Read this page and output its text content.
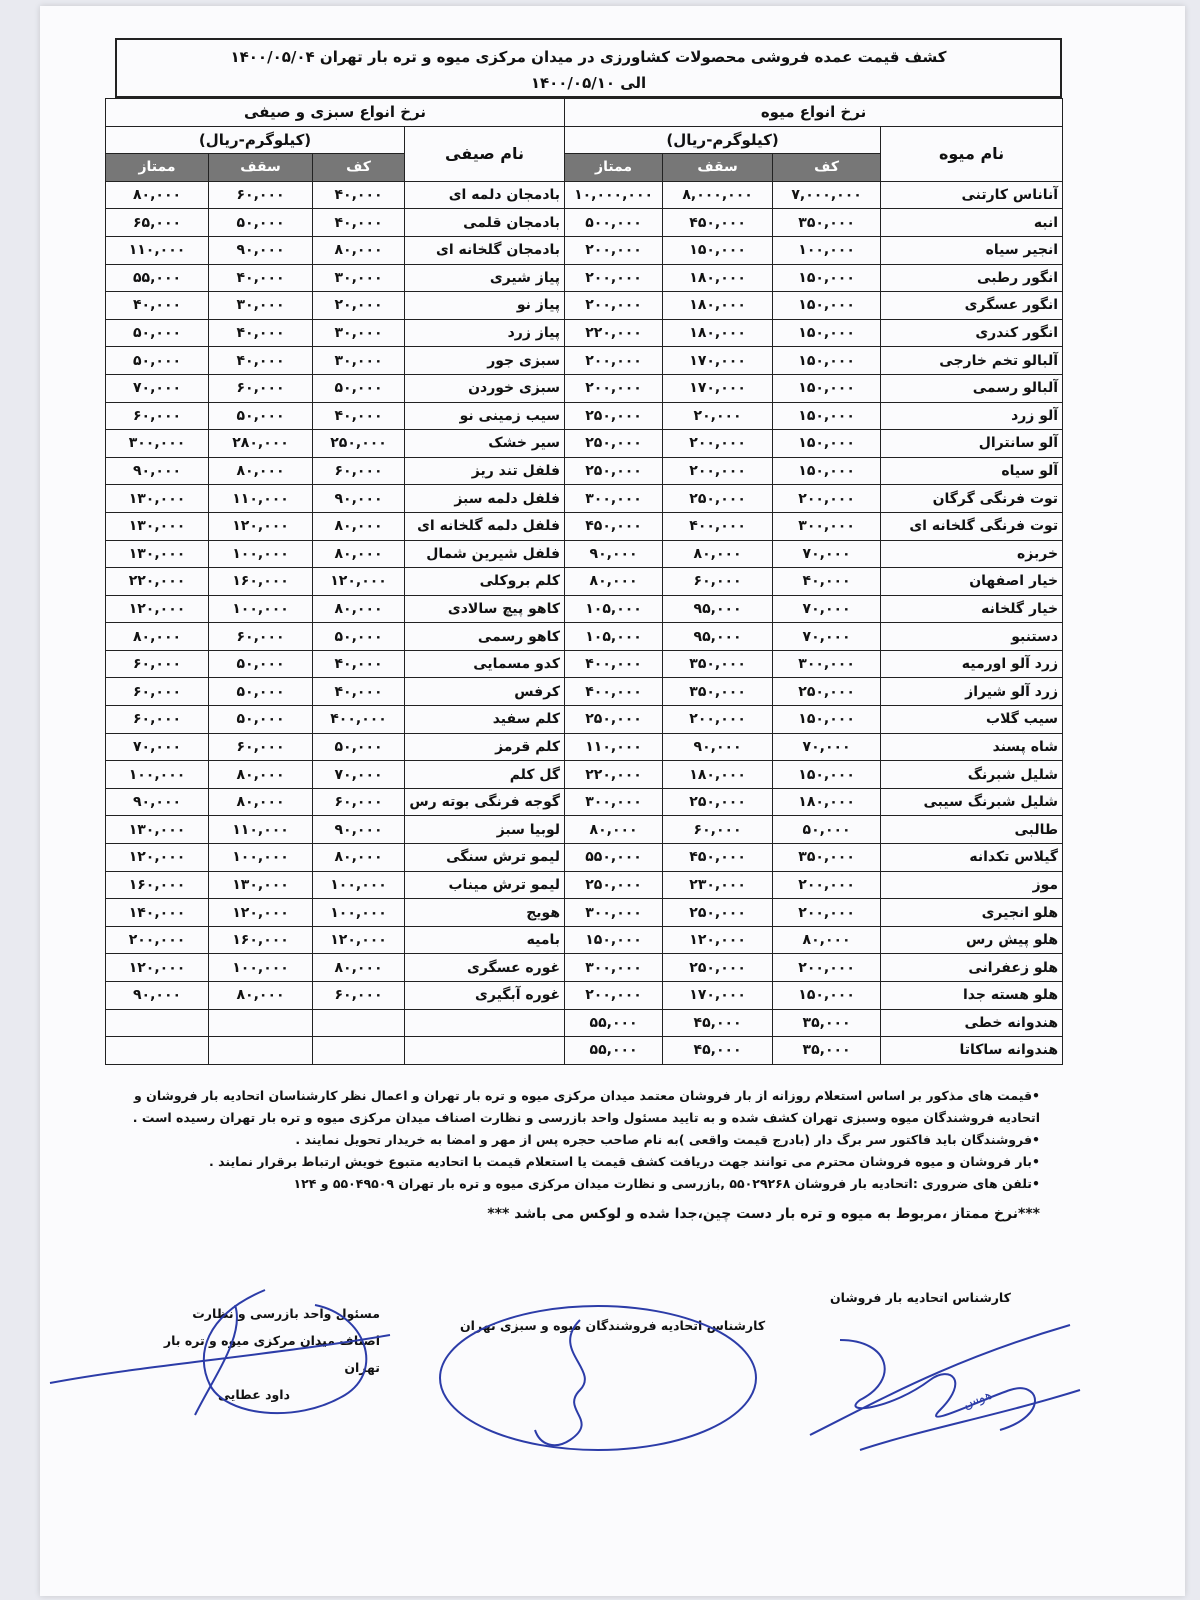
کشف قیمت عمده فروشی محصولات کشاورزی در میدان مرکزی میوه و تره بار تهران ۱۴۰۰/۰۵/۰۴
الی ۱۴۰۰/۰۵/۱۰
نرخ انواع میوه				نرخ انواع سبزی و صیفی			
نام میوه	(کیلوگرم-ریال)			نام صیفی	(کیلوگرم-ریال)		
	کف	سقف	ممتاز		کف	سقف	ممتاز
آناناس کارتنی	۷,۰۰۰,۰۰۰	۸,۰۰۰,۰۰۰	۱۰,۰۰۰,۰۰۰	بادمجان دلمه ای	۴۰,۰۰۰	۶۰,۰۰۰	۸۰,۰۰۰
انبه	۳۵۰,۰۰۰	۴۵۰,۰۰۰	۵۰۰,۰۰۰	بادمجان قلمی	۴۰,۰۰۰	۵۰,۰۰۰	۶۵,۰۰۰
انجیر سیاه	۱۰۰,۰۰۰	۱۵۰,۰۰۰	۲۰۰,۰۰۰	بادمجان گلخانه ای	۸۰,۰۰۰	۹۰,۰۰۰	۱۱۰,۰۰۰
انگور رطبی	۱۵۰,۰۰۰	۱۸۰,۰۰۰	۲۰۰,۰۰۰	پیاز شیری	۳۰,۰۰۰	۴۰,۰۰۰	۵۵,۰۰۰
انگور عسگری	۱۵۰,۰۰۰	۱۸۰,۰۰۰	۲۰۰,۰۰۰	پیاز نو	۲۰,۰۰۰	۳۰,۰۰۰	۴۰,۰۰۰
انگور کندری	۱۵۰,۰۰۰	۱۸۰,۰۰۰	۲۲۰,۰۰۰	پیاز زرد	۳۰,۰۰۰	۴۰,۰۰۰	۵۰,۰۰۰
آلبالو تخم خارجی	۱۵۰,۰۰۰	۱۷۰,۰۰۰	۲۰۰,۰۰۰	سبزی جور	۳۰,۰۰۰	۴۰,۰۰۰	۵۰,۰۰۰
آلبالو رسمی	۱۵۰,۰۰۰	۱۷۰,۰۰۰	۲۰۰,۰۰۰	سبزی خوردن	۵۰,۰۰۰	۶۰,۰۰۰	۷۰,۰۰۰
آلو زرد	۱۵۰,۰۰۰	۲۰,۰۰۰	۲۵۰,۰۰۰	سیب زمینی نو	۴۰,۰۰۰	۵۰,۰۰۰	۶۰,۰۰۰
آلو سانترال	۱۵۰,۰۰۰	۲۰۰,۰۰۰	۲۵۰,۰۰۰	سیر خشک	۲۵۰,۰۰۰	۲۸۰,۰۰۰	۳۰۰,۰۰۰
آلو سیاه	۱۵۰,۰۰۰	۲۰۰,۰۰۰	۲۵۰,۰۰۰	فلفل تند ریز	۶۰,۰۰۰	۸۰,۰۰۰	۹۰,۰۰۰
توت فرنگی گرگان	۲۰۰,۰۰۰	۲۵۰,۰۰۰	۳۰۰,۰۰۰	فلفل دلمه سبز	۹۰,۰۰۰	۱۱۰,۰۰۰	۱۳۰,۰۰۰
توت فرنگی گلخانه ای	۳۰۰,۰۰۰	۴۰۰,۰۰۰	۴۵۰,۰۰۰	فلفل دلمه گلخانه ای	۸۰,۰۰۰	۱۲۰,۰۰۰	۱۳۰,۰۰۰
خربزه	۷۰,۰۰۰	۸۰,۰۰۰	۹۰,۰۰۰	فلفل شیرین شمال	۸۰,۰۰۰	۱۰۰,۰۰۰	۱۳۰,۰۰۰
خیار اصفهان	۴۰,۰۰۰	۶۰,۰۰۰	۸۰,۰۰۰	کلم بروکلی	۱۲۰,۰۰۰	۱۶۰,۰۰۰	۲۲۰,۰۰۰
خیار گلخانه	۷۰,۰۰۰	۹۵,۰۰۰	۱۰۵,۰۰۰	کاهو پیچ سالادی	۸۰,۰۰۰	۱۰۰,۰۰۰	۱۲۰,۰۰۰
دستنبو	۷۰,۰۰۰	۹۵,۰۰۰	۱۰۵,۰۰۰	کاهو رسمی	۵۰,۰۰۰	۶۰,۰۰۰	۸۰,۰۰۰
زرد آلو اورمیه	۳۰۰,۰۰۰	۳۵۰,۰۰۰	۴۰۰,۰۰۰	کدو مسمایی	۴۰,۰۰۰	۵۰,۰۰۰	۶۰,۰۰۰
زرد آلو شیراز	۲۵۰,۰۰۰	۳۵۰,۰۰۰	۴۰۰,۰۰۰	کرفس	۴۰,۰۰۰	۵۰,۰۰۰	۶۰,۰۰۰
سیب گلاب	۱۵۰,۰۰۰	۲۰۰,۰۰۰	۲۵۰,۰۰۰	کلم سفید	۴۰۰,۰۰۰	۵۰,۰۰۰	۶۰,۰۰۰
شاه پسند	۷۰,۰۰۰	۹۰,۰۰۰	۱۱۰,۰۰۰	کلم قرمز	۵۰,۰۰۰	۶۰,۰۰۰	۷۰,۰۰۰
شلیل شبرنگ	۱۵۰,۰۰۰	۱۸۰,۰۰۰	۲۲۰,۰۰۰	گل کلم	۷۰,۰۰۰	۸۰,۰۰۰	۱۰۰,۰۰۰
شلیل شبرنگ سیبی	۱۸۰,۰۰۰	۲۵۰,۰۰۰	۳۰۰,۰۰۰	گوجه فرنگی بوته رس	۶۰,۰۰۰	۸۰,۰۰۰	۹۰,۰۰۰
طالبی	۵۰,۰۰۰	۶۰,۰۰۰	۸۰,۰۰۰	لوبیا سبز	۹۰,۰۰۰	۱۱۰,۰۰۰	۱۳۰,۰۰۰
گیلاس تکدانه	۳۵۰,۰۰۰	۴۵۰,۰۰۰	۵۵۰,۰۰۰	لیمو ترش سنگی	۸۰,۰۰۰	۱۰۰,۰۰۰	۱۲۰,۰۰۰
موز	۲۰۰,۰۰۰	۲۳۰,۰۰۰	۲۵۰,۰۰۰	لیمو ترش میناب	۱۰۰,۰۰۰	۱۳۰,۰۰۰	۱۶۰,۰۰۰
هلو انجیری	۲۰۰,۰۰۰	۲۵۰,۰۰۰	۳۰۰,۰۰۰	هویج	۱۰۰,۰۰۰	۱۲۰,۰۰۰	۱۴۰,۰۰۰
هلو پیش رس	۸۰,۰۰۰	۱۲۰,۰۰۰	۱۵۰,۰۰۰	بامیه	۱۲۰,۰۰۰	۱۶۰,۰۰۰	۲۰۰,۰۰۰
هلو زعفرانی	۲۰۰,۰۰۰	۲۵۰,۰۰۰	۳۰۰,۰۰۰	غوره عسگری	۸۰,۰۰۰	۱۰۰,۰۰۰	۱۲۰,۰۰۰
هلو هسته جدا	۱۵۰,۰۰۰	۱۷۰,۰۰۰	۲۰۰,۰۰۰	غوره آبگیری	۶۰,۰۰۰	۸۰,۰۰۰	۹۰,۰۰۰
هندوانه خطی	۳۵,۰۰۰	۴۵,۰۰۰	۵۵,۰۰۰				
هندوانه ساکاتا	۳۵,۰۰۰	۴۵,۰۰۰	۵۵,۰۰۰				

•قیمت های مذکور بر اساس استعلام روزانه از بار فروشان معتمد میدان مرکزی میوه و تره بار تهران و اعمال نظر کارشناسان اتحادیه بار فروشان و

اتحادیه فروشندگان میوه وسبزی تهران کشف شده و به تایید مسئول واحد بازرسی و نظارت اصناف میدان مرکزی میوه و تره بار تهران رسیده است .

•فروشندگان باید فاکتور سر برگ دار (بادرج قیمت واقعی )به نام صاحب حجره پس از مهر و امضا به خریدار تحویل نمایند .

•بار فروشان و میوه فروشان محترم می توانند جهت دریافت کشف قیمت یا استعلام قیمت با اتحادیه متبوع خویش ارتباط برقرار نمایند .

•تلفن های ضروری :اتحادیه بار فروشان ۵۵۰۲۹۲۶۸ ,بازرسی و نظارت میدان مرکزی میوه و تره بار تهران ۵۵۰۴۹۵۰۹ و ۱۲۴

***نرخ ممتاز ،مربوط به میوه و تره بار دست چین،جدا شده و لوکس می باشد ***

کارشناس اتحادیه بار فروشان
کارشناس اتحادیه فروشندگان میوه و سبزی تهران
مسئول واحد بازرسی و نظارت
اصناف میدان مرکزی میوه و تره بار تهران
داود عطایی	هوس
